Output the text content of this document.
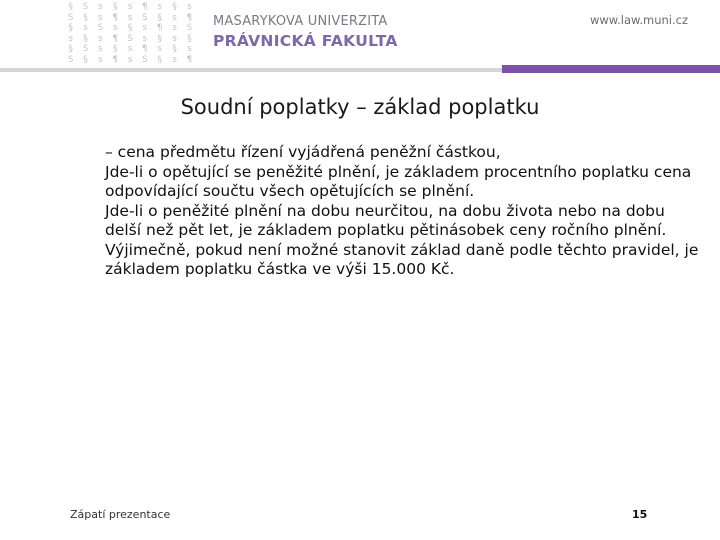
§ S s § s ¶ s § s
S § s ¶ s S § s ¶
§ s S s § s ¶ s S
s § s ¶ S s § s §
§ S s § s ¶ s § s
S § s ¶ s S § s ¶
MASARYKOVA UNIVERZITA
PRÁVNICKÁ FAKULTA
www.law.muni.cz
Soudní poplatky – základ poplatku

– cena předmětu řízení vyjádřená peněžní částkou,

Jde-li o opětující se peněžité plnění, je základem procentního poplatku cena odpovídající součtu všech opětujících se plnění.

Jde-li o peněžité plnění na dobu neurčitou, na dobu života nebo na dobu delší než pět let, je základem poplatku pětinásobek ceny ročního plnění.

Výjimečně, pokud není možné stanovit základ daně podle těchto pravidel, je základem poplatku částka ve výši 15.000 Kč.

Zápatí prezentace	15
